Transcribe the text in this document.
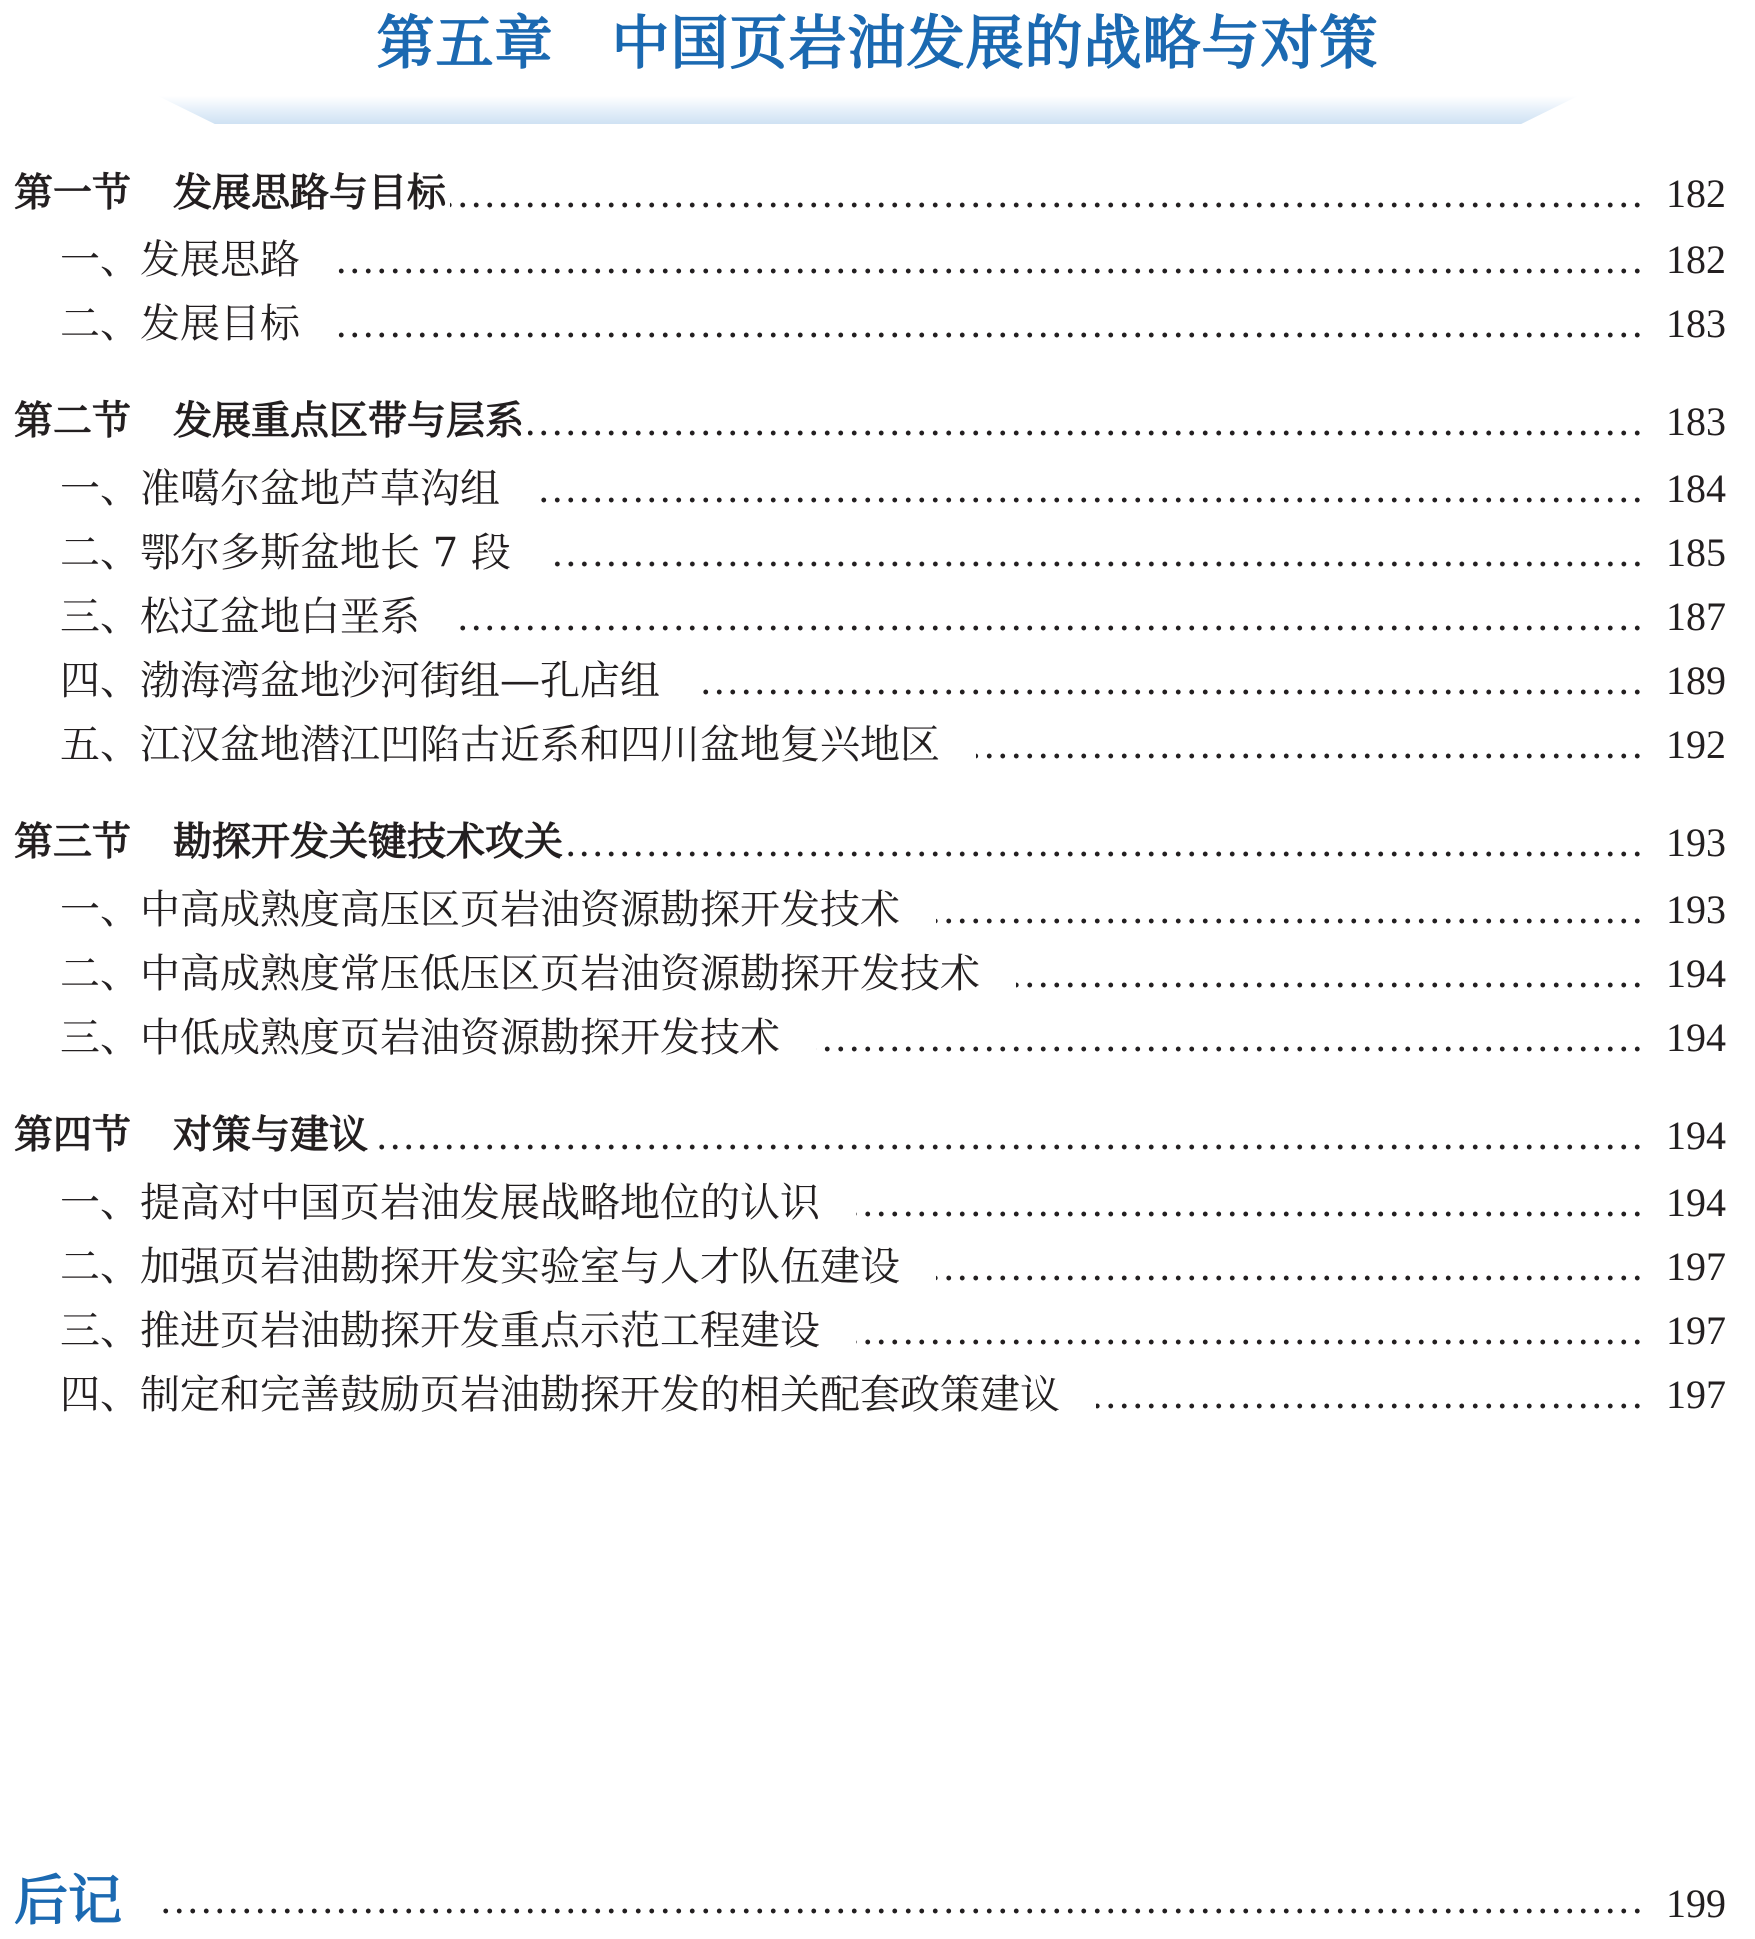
第五章 中国页岩油发展的战略与对策
第一节 发展思路与目标	182
一、发展思路	182
二、发展目标	183
第二节 发展重点区带与层系	183
一、准噶尔盆地芦草沟组	184
二、鄂尔多斯盆地长 7 段	185
三、松辽盆地白垩系	187
四、渤海湾盆地沙河街组—孔店组	189
五、江汉盆地潜江凹陷古近系和四川盆地复兴地区	192
第三节 勘探开发关键技术攻关	193
一、中高成熟度高压区页岩油资源勘探开发技术	193
二、中高成熟度常压低压区页岩油资源勘探开发技术	194
三、中低成熟度页岩油资源勘探开发技术	194
第四节 对策与建议	194
一、提高对中国页岩油发展战略地位的认识	194
二、加强页岩油勘探开发实验室与人才队伍建设	197
三、推进页岩油勘探开发重点示范工程建设	197
四、制定和完善鼓励页岩油勘探开发的相关配套政策建议	197
后记	199
